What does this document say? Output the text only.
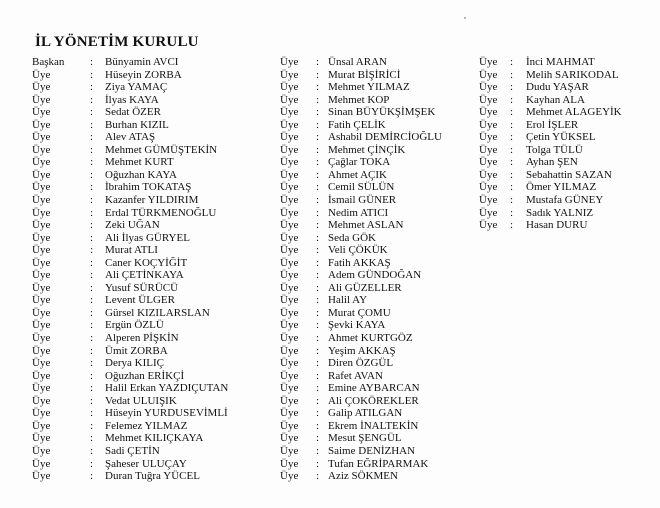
İL YÖNETİM KURULU
Başkan : Bünyamin AVCI
Üye	: Hüseyin ZORBA
Üye	: Ziya YAMAÇ
Üye	: İlyas KAYA
Üye	: Sedat ÖZER
Üye	: Burhan KIZIL
Üye	: Alev ATAŞ
Üye	: Mehmet GÜMÜŞTEKİN
Üye	: Mehmet KURT
Üye	: Oğuzhan KAYA
Üye	: İbrahim TOKATAŞ
Üye	: Kazanfer YILDIRIM
Üye	: Erdal TÜRKMENOĞLU
Üye	: Zeki UĞAN
Üye	: Ali İlyas GÜRYEL
Üye	: Murat ATLI
Üye	: Caner KOÇYİĞİT
Üye	: Ali ÇETİNKAYA
Üye	: Yusuf SÜRÜCÜ
Üye	: Levent ÜLGER
Üye	: Gürsel KIZILARSLAN
Üye	: Ergün ÖZLÜ
Üye	: Alperen PİŞKİN
Üye	: Ümit ZORBA
Üye	: Derya KILIÇ
Üye	: Oğuzhan ERİKÇİ
Üye	: Halil Erkan YAZDIÇUTAN
Üye	: Vedat ULUIŞIK
Üye	: Hüseyin YURDUSEVİMLİ
Üye	: Felemez YILMAZ
Üye	: Mehmet KILIÇKAYA
Üye	: Sadi ÇETİN
Üye	: Şaheser ULUÇAY
Üye	: Duran Tuğra YÜCEL
Üye : Ünsal ARAN
Üye : Murat BİŞİRİCİ
Üye : Mehmet YILMAZ
Üye : Mehmet KOP
Üye : Sinan BÜYÜKŞİMŞEK
Üye : Fatih ÇELİK
Üye : Ashabil DEMİRCİOĞLU
Üye : Mehmet ÇİNÇİK
Üye : Çağlar TOKA
Üye : Ahmet AÇIK
Üye : Cemil SÜLÜN
Üye : İsmail GÜNER
Üye : Nedim ATICI
Üye : Mehmet ASLAN
Üye : Seda GÖK
Üye : Veli ÇÖKÜK
Üye : Fatih AKKAŞ
Üye : Adem GÜNDOĞAN
Üye : Ali GÜZELLER
Üye : Halil AY
Üye : Murat ÇOMU
Üye : Şevki KAYA
Üye : Ahmet KURTGÖZ
Üye : Yeşim AKKAŞ
Üye : Diren ÖZGÜL
Üye : Rafet AVAN
Üye : Emine AYBARCAN
Üye : Ali ÇOKÖREKLER
Üye : Galip ATILGAN
Üye : Ekrem İNALTEKİN
Üye : Mesut ŞENGÜL
Üye : Saime DENİZHAN
Üye : Tufan EĞRİPARMAK
Üye : Aziz SÖKMEN
Üye : İnci MAHMAT
Üye : Melih SARIKODAL
Üye : Dudu YAŞAR
Üye : Kayhan ALA
Üye : Mehmet ALAGEYİK
Üye : Erol İŞLER
Üye : Çetin YÜKSEL
Üye : Tolga TÜLÜ
Üye : Ayhan ŞEN
Üye : Sebahattin SAZAN
Üye : Ömer YILMAZ
Üye : Mustafa GÜNEY
Üye : Sadık YALNIZ
Üye : Hasan DURU
